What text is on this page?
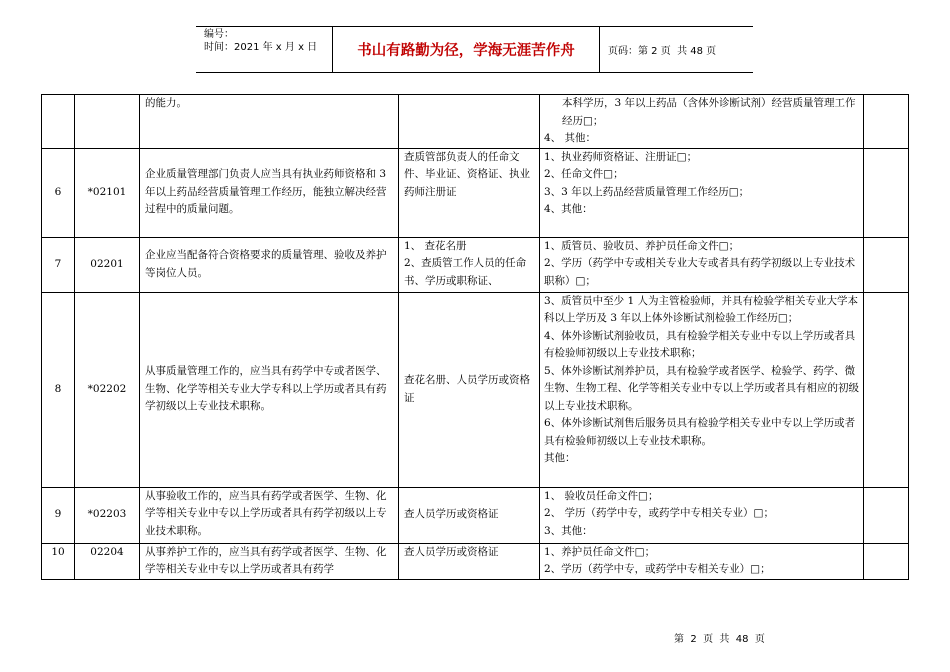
编号：
时间：2021 年 x 月 x 日	书山有路勤为径，学海无涯苦作舟	页码：第 2 页  共 48 页

		的能力。		本科学历，3 年以上药品（含体外诊断试剂）经营质量管理工作经历□；
4、 其他：	

6	*02101	企业质量管理部门负责人应当具有执业药师资格和 3 年以上药品经营质量管理工作经历，能独立解决经营过程中的质量问题。	查质管部负责人的任命文件、毕业证、资格证、执业药师注册证	1、执业药师资格证、注册证□；
2、任命文件□；
3、3 年以上药品经营质量管理工作经历□；
4、其他：	

7	02201	企业应当配备符合资格要求的质量管理、验收及养护等岗位人员。	1、 查花名册
2、查质管工作人员的任命书、学历或职称证、	1、质管员、验收员、养护员任命文件□；
2、学历（药学中专或相关专业大专或者具有药学初级以上专业技术职称）□；	

8	*02202	从事质量管理工作的，应当具有药学中专或者医学、生物、化学等相关专业大学专科以上学历或者具有药学初级以上专业技术职称。	查花名册、人员学历或资格证	3、质管员中至少 1 人为主管检验师，并具有检验学相关专业大学本科以上学历及 3 年以上体外诊断试剂检验工作经历□；
4、体外诊断试剂验收员，具有检验学相关专业中专以上学历或者具有检验师初级以上专业技术职称；
5、体外诊断试剂养护员，具有检验学或者医学、检验学、药学、微生物、生物工程、化学等相关专业中专以上学历或者具有相应的初级以上专业技术职称。
6、体外诊断试剂售后服务员具有检验学相关专业中专以上学历或者具有检验师初级以上专业技术职称。
其他：	

9	*02203	从事验收工作的，应当具有药学或者医学、生物、化学等相关专业中专以上学历或者具有药学初级以上专业技术职称。	查人员学历或资格证	1、 验收员任命文件□；
2、 学历（药学中专，或药学中专相关专业）□；
3、其他：	

10	02204	从事养护工作的，应当具有药学或者医学、生物、化学等相关专业中专以上学历或者具有药学	查人员学历或资格证	1、养护员任命文件□；
2、学历（药学中专，或药学中专相关专业）□；	

第  2  页  共  48  页
